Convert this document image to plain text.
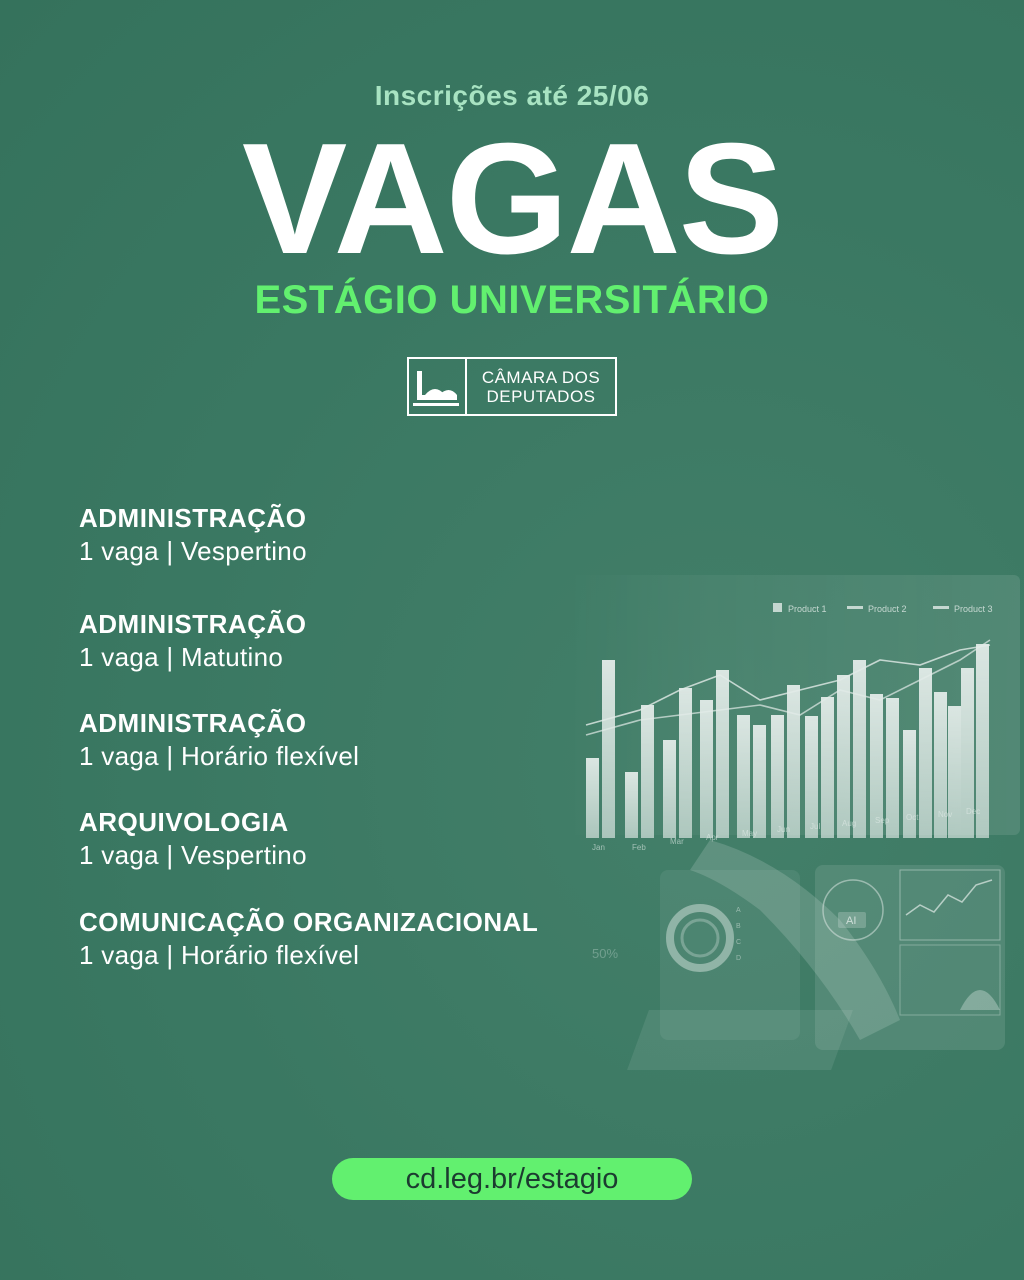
Inscrições até 25/06
VAGAS
ESTÁGIO UNIVERSITÁRIO
CÂMARA DOS
DEPUTADOS
Product 1	Product 2	Product 3
Jan	Feb
Mar	Apr	May Jun	Jul	Aug Sep Oct Nov Dec
50%
A
B
C
D
AI
ADMINISTRAÇÃO
1 vaga | Vespertino
ADMINISTRAÇÃO
1 vaga | Matutino
ADMINISTRAÇÃO
1 vaga | Horário flexível
ARQUIVOLOGIA
1 vaga | Vespertino
COMUNICAÇÃO ORGANIZACIONAL
1 vaga | Horário flexível
cd.leg.br/estagio
